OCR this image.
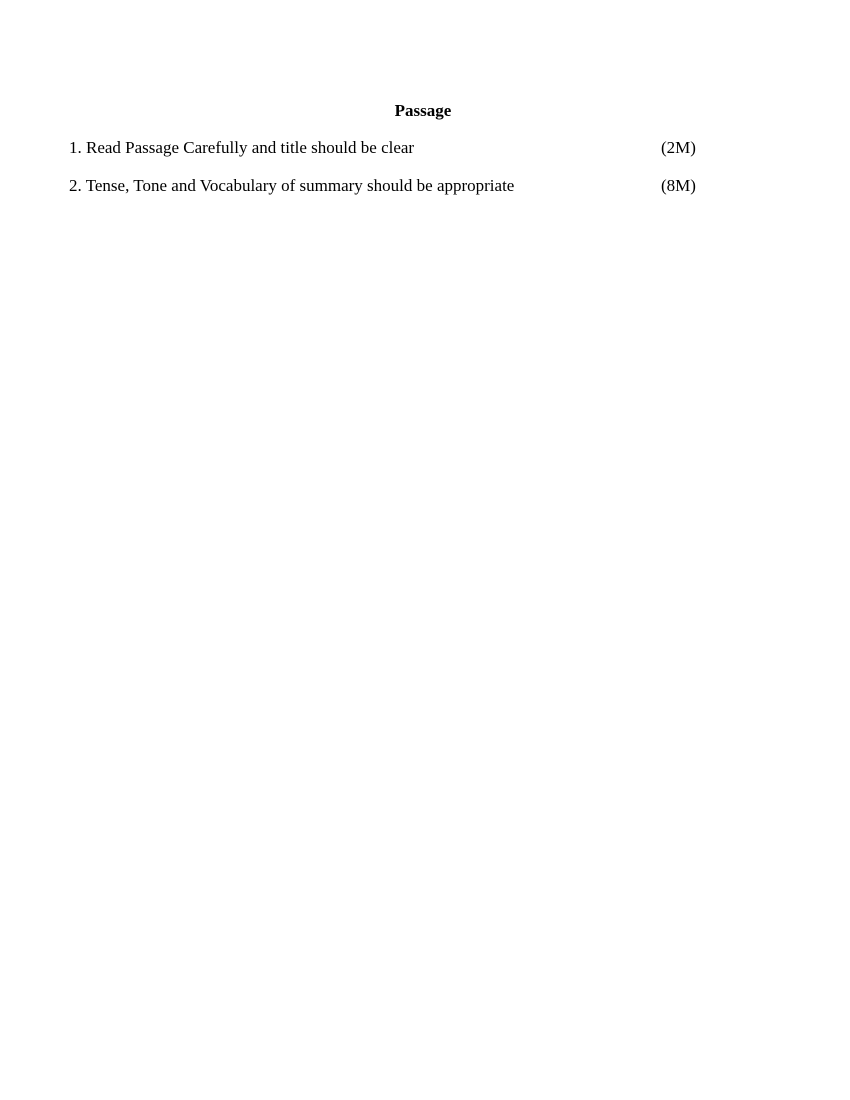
Passage
1. Read Passage Carefully and title should be clear	(2M)
2. Tense, Tone and Vocabulary of summary should be appropriate	(8M)
